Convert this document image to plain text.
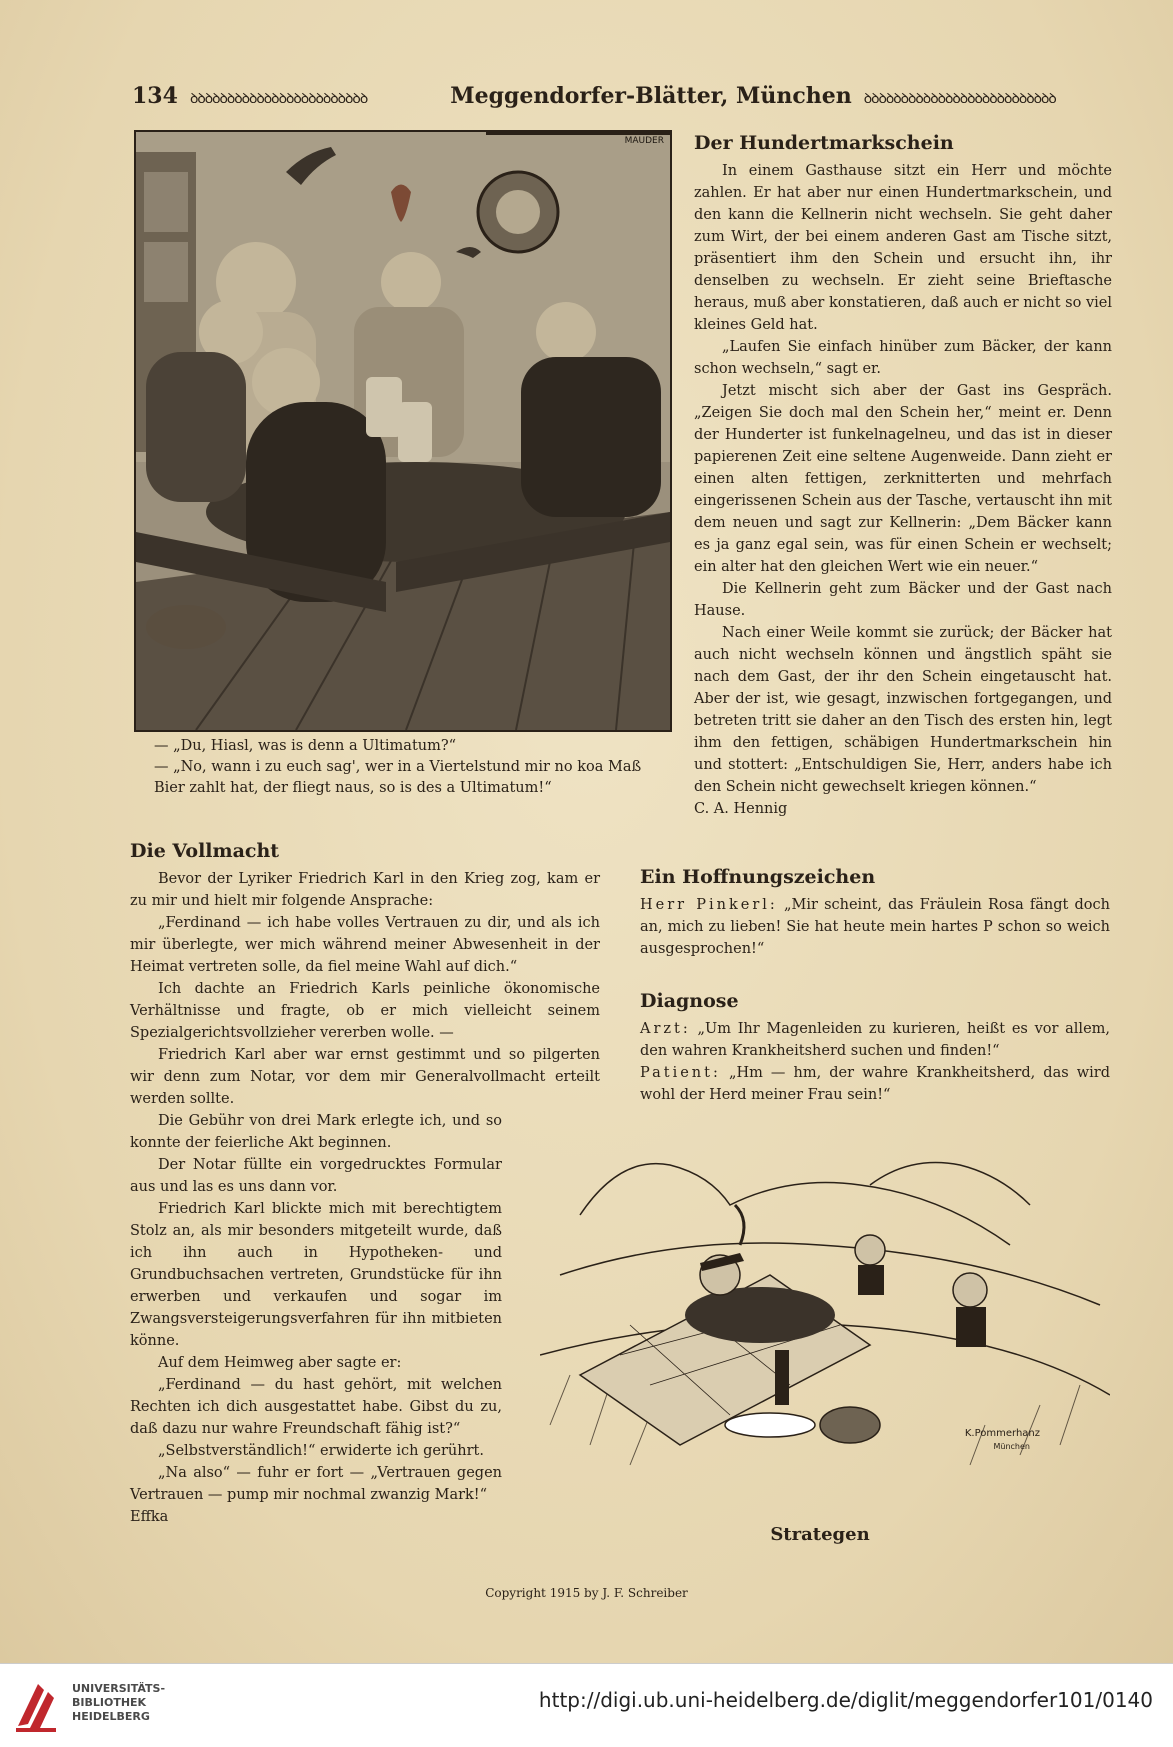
134 ꝺꝺꝺꝺꝺꝺꝺꝺꝺꝺꝺꝺꝺꝺꝺꝺꝺꝺꝺꝺꝺꝺꝺꝺ	Meggendorfer-Blätter, München ꝺꝺꝺꝺꝺꝺꝺꝺꝺꝺꝺꝺꝺꝺꝺꝺꝺꝺꝺꝺꝺꝺꝺꝺꝺꝺ
MAUDER

— „Du, Hiasl, was is denn a Ultimatum?“

— „No, wann i zu euch sag', wer in a Viertelstund mir no koa Maß Bier zahlt hat, der fliegt naus, so is des a Ultimatum!“

Der Hundertmarkschein

In einem Gasthause sitzt ein Herr und möchte zahlen. Er hat aber nur einen Hundertmarkschein, und den kann die Kellnerin nicht wechseln. Sie geht daher zum Wirt, der bei einem anderen Gast am Tische sitzt, präsentiert ihm den Schein und ersucht ihn, ihr denselben zu wechseln. Er zieht seine Brieftasche heraus, muß aber konstatieren, daß auch er nicht so viel kleines Geld hat.

„Laufen Sie einfach hinüber zum Bäcker, der kann schon wechseln,“ sagt er.

Jetzt mischt sich aber der Gast ins Gespräch. „Zeigen Sie doch mal den Schein her,“ meint er. Denn der Hunderter ist funkelnagelneu, und das ist in dieser papierenen Zeit eine seltene Augenweide. Dann zieht er einen alten fettigen, zerknitterten und mehrfach eingerissenen Schein aus der Tasche, vertauscht ihn mit dem neuen und sagt zur Kellnerin: „Dem Bäcker kann es ja ganz egal sein, was für einen Schein er wechselt; ein alter hat den gleichen Wert wie ein neuer.“

Die Kellnerin geht zum Bäcker und der Gast nach Hause.

Nach einer Weile kommt sie zurück; der Bäcker hat auch nicht wechseln können und ängstlich späht sie nach dem Gast, der ihr den Schein eingetauscht hat. Aber der ist, wie gesagt, inzwischen fortgegangen, und betreten tritt sie daher an den Tisch des ersten hin, legt ihm den fettigen, schäbigen Hundertmarkschein hin und stottert: „Entschuldigen Sie, Herr, anders habe ich den Schein nicht gewechselt kriegen können.“

C. A. Hennig

Die Vollmacht

Bevor der Lyriker Friedrich Karl in den Krieg zog, kam er zu mir und hielt mir folgende Ansprache:

„Ferdinand — ich habe volles Vertrauen zu dir, und als ich mir überlegte, wer mich während meiner Abwesenheit in der Heimat vertreten solle, da fiel meine Wahl auf dich.“

Ich dachte an Friedrich Karls peinliche ökonomische Verhältnisse und fragte, ob er mich vielleicht seinem Spezialgerichtsvollzieher vererben wolle. —

Friedrich Karl aber war ernst gestimmt und so pilgerten wir denn zum Notar, vor dem mir Generalvollmacht erteilt werden sollte.

Die Gebühr von drei Mark erlegte ich, und so konnte der feierliche Akt beginnen.

Der Notar füllte ein vorgedrucktes Formular aus und las es uns dann vor.

Friedrich Karl blickte mich mit berechtigtem Stolz an, als mir besonders mitgeteilt wurde, daß ich ihn auch in Hypotheken- und Grundbuchsachen vertreten, Grundstücke für ihn erwerben und verkaufen und sogar im Zwangsversteigerungsverfahren für ihn mitbieten könne.

Auf dem Heimweg aber sagte er:

„Ferdinand — du hast gehört, mit welchen Rechten ich dich ausgestattet habe. Gibst du zu, daß dazu nur wahre Freundschaft fähig ist?“

„Selbstverständlich!“ erwiderte ich gerührt.

„Na also“ — fuhr er fort — „Vertrauen gegen Vertrauen — pump mir nochmal zwanzig Mark!“

Effka

Ein Hoffnungszeichen

Herr Pinkerl: „Mir scheint, das Fräulein Rosa fängt doch an, mich zu lieben! Sie hat heute mein hartes P schon so weich ausgesprochen!“

Diagnose

Arzt: „Um Ihr Magenleiden zu kurieren, heißt es vor allem, den wahren Krankheitsherd suchen und finden!“

Patient: „Hm — hm, der wahre Krankheitsherd, das wird wohl der Herd meiner Frau sein!“

K.Pommerhanz
München
Strategen
Copyright 1915 by J. F. Schreiber
UNIVERSITÄTS-
BIBLIOTHEK
HEIDELBERG
http://digi.ub.uni-heidelberg.de/diglit/meggendorfer101/0140
